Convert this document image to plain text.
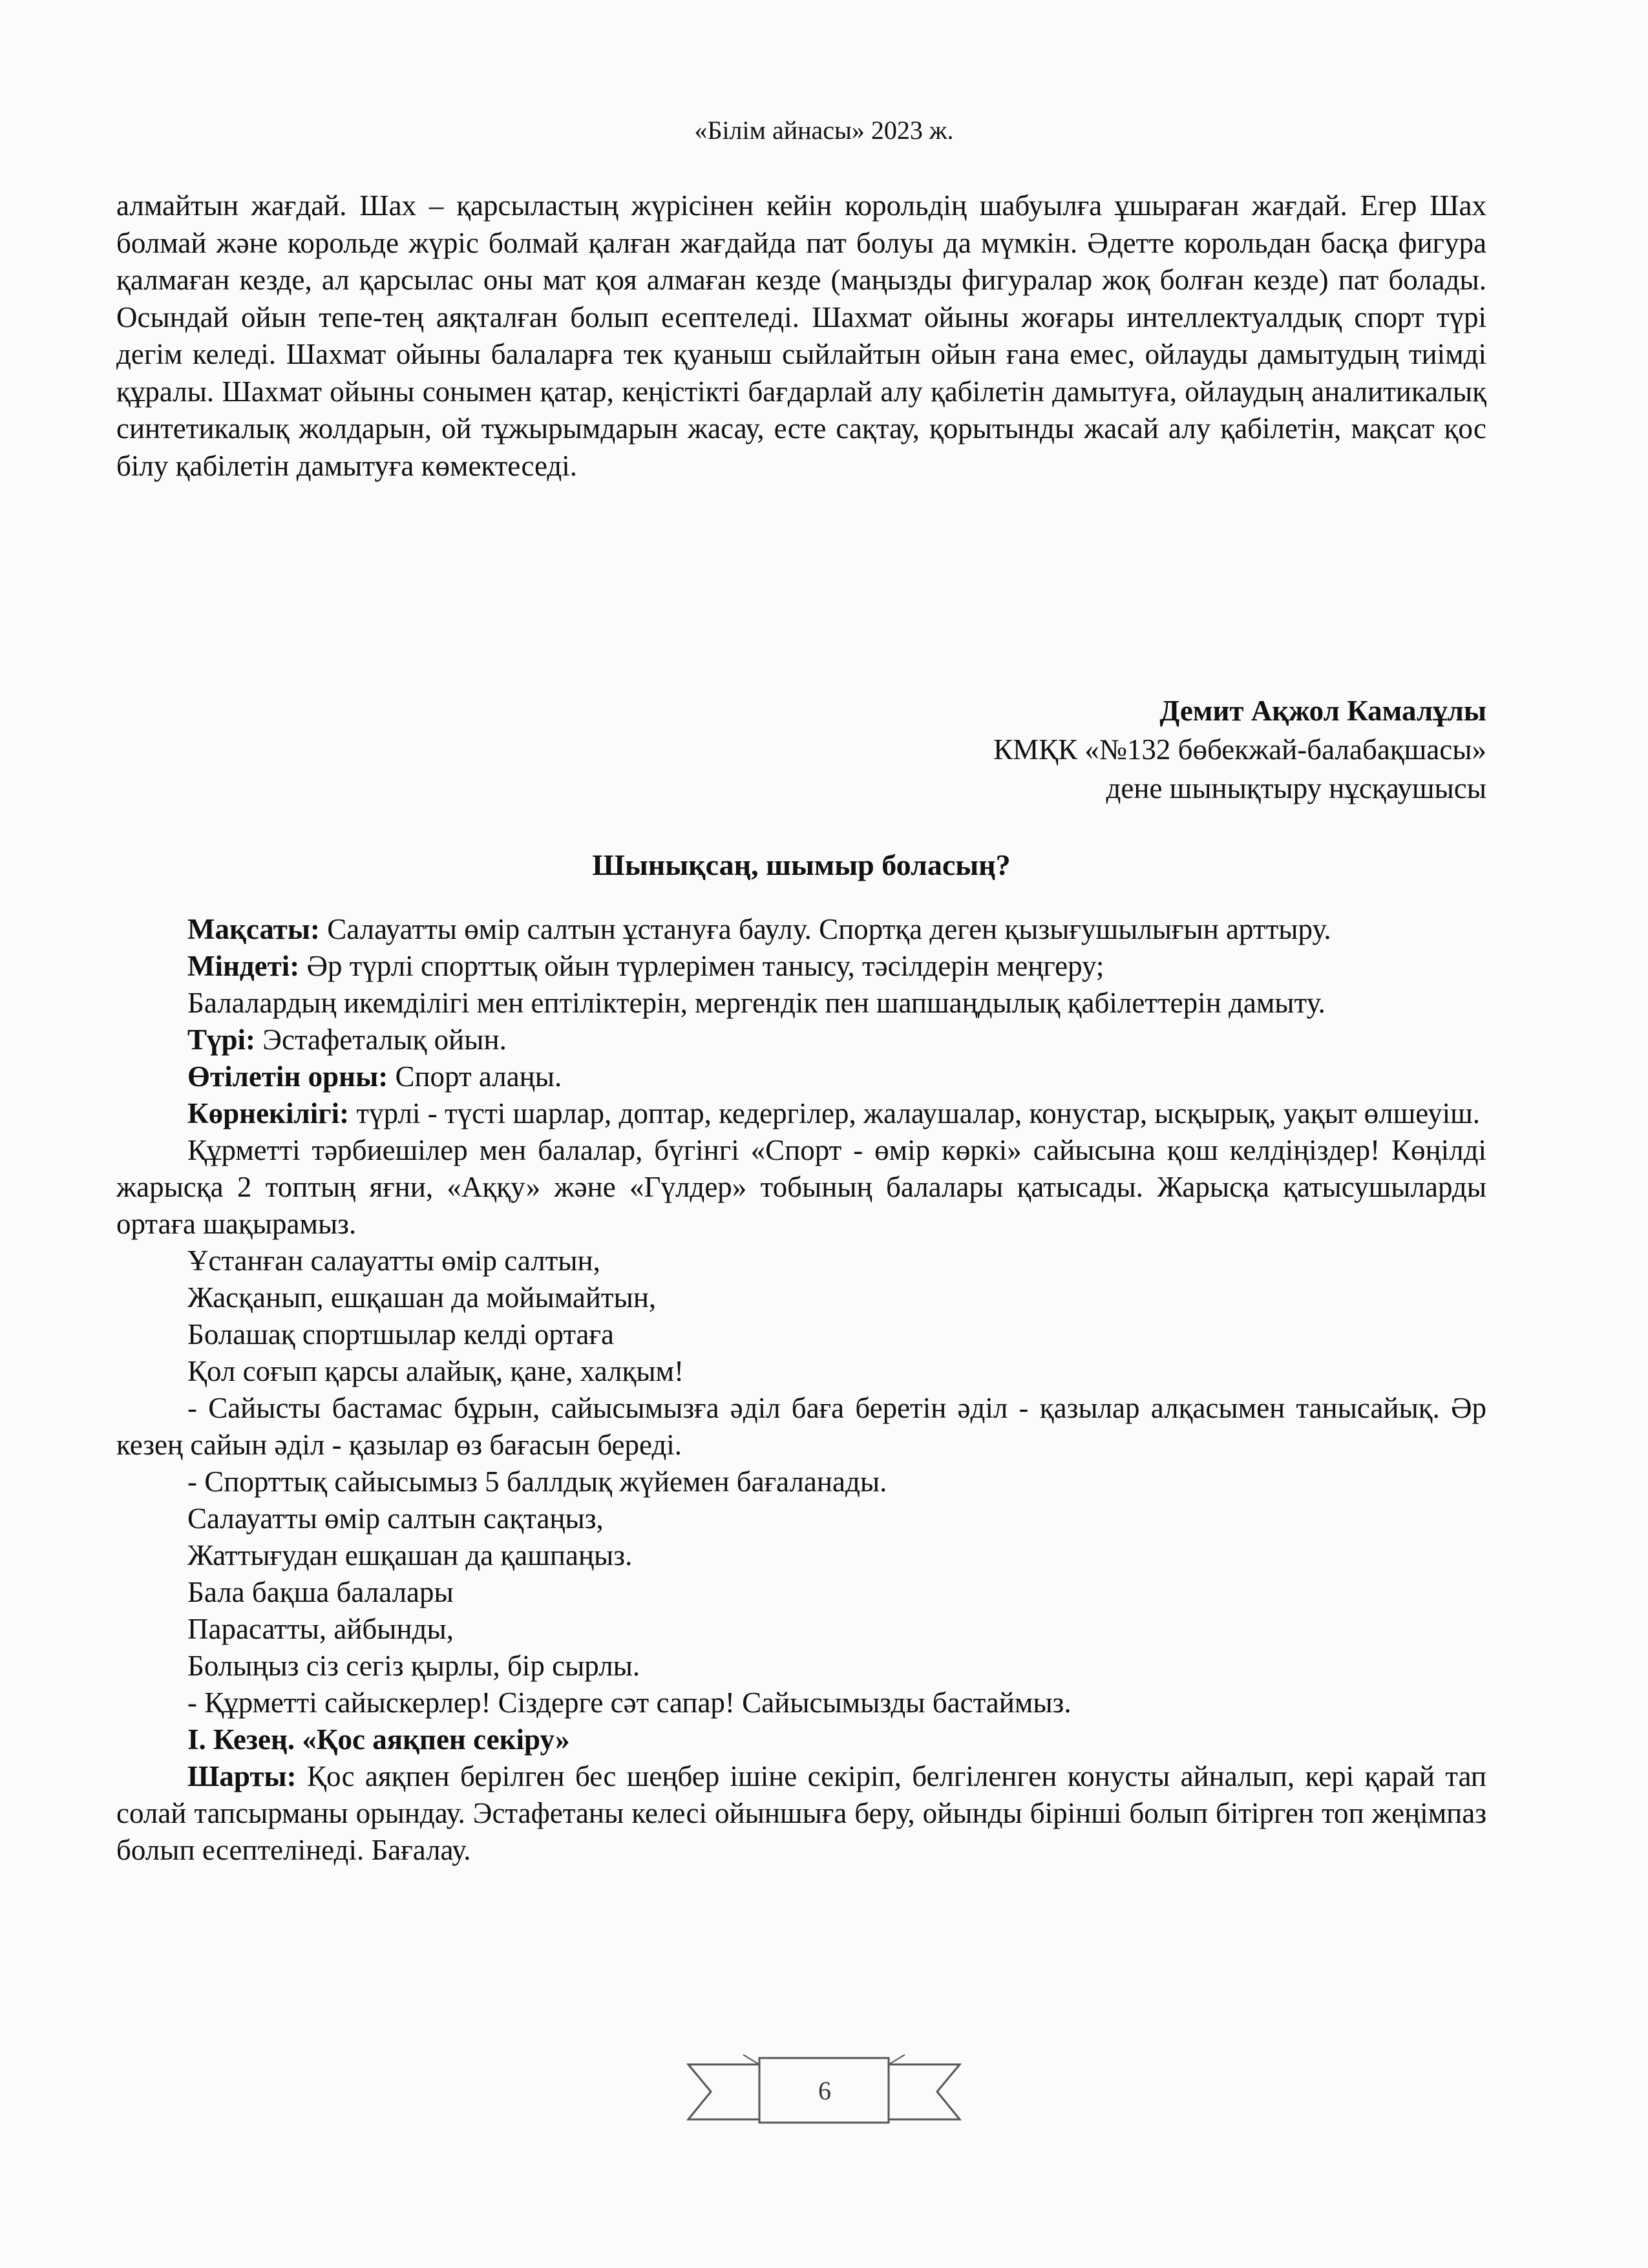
«Білім айнасы» 2023 ж.

алмайтын жағдай. Шах – қарсыластың жүрісінен кейін корольдің шабуылға ұшыраған жағдай. Егер Шах болмай және корольде жүріс болмай қалған жағдайда пат болуы да мүмкін. Әдетте корольдан басқа фигура қалмаған кезде, ал қарсылас оны мат қоя алмаған кезде (маңызды фигуралар жоқ болған кезде) пат болады. Осындай ойын тепе-тең аяқталған болып есептеледі. Шахмат ойыны жоғары интеллектуалдық спорт түрі дегім келеді. Шахмат ойыны балаларға тек қуаныш сыйлайтын ойын ғана емес, ойлауды дамытудың тиімді құралы. Шахмат ойыны сонымен қатар, кеңістікті бағдарлай алу қабілетін дамытуға, ойлаудың аналитикалық синтетикалық жолдарын, ой тұжырымдарын жасау, есте сақтау, қорытынды жасай алу қабілетін, мақсат қос білу қабілетін дамытуға көмектеседі.

Демит Ақжол Камалұлы
КМҚК «№132 бөбекжай-балабақшасы»
дене шынықтыру нұсқаушысы
Шынықсаң, шымыр боласың?

Мақсаты: Салауатты өмір салтын ұстануға баулу. Спортқа деген қызығушылығын арттыру.

Міндеті: Әр түрлі спорттық ойын түрлерімен танысу, тәсілдерін меңгеру;

Балалардың икемділігі мен ептіліктерін, мергендік пен шапшаңдылық қабілеттерін дамыту.

Түрі: Эстафеталық ойын.

Өтілетін орны: Спорт алаңы.

Көрнекілігі: түрлі - түсті шарлар, доптар, кедергілер, жалаушалар, конустар, ысқырық, уақыт өлшеуіш.

Құрметті тәрбиешілер мен балалар, бүгінгі «Спорт - өмір көркі» сайысына қош келдіңіздер! Көңілді жарысқа 2 топтың яғни, «Аққу» және «Гүлдер» тобының балалары қатысады. Жарысқа қатысушыларды ортаға шақырамыз.

Ұстанған салауатты өмір салтын,

Жасқанып, ешқашан да мойымайтын,

Болашақ спортшылар келді ортаға

Қол соғып қарсы алайық, қане, халқым!

- Сайысты бастамас бұрын, сайысымызға әділ баға беретін әділ - қазылар алқасымен танысайық. Әр кезең сайын әділ - қазылар өз бағасын береді.

- Спорттық сайысымыз 5 баллдық жүйемен бағаланады.

Салауатты өмір салтын сақтаңыз,

Жаттығудан ешқашан да қашпаңыз.

Бала бақша балалары

Парасатты, айбынды,

Болыңыз сіз сегіз қырлы, бір сырлы.

- Құрметті сайыскерлер! Сіздерге сәт сапар! Сайысымызды бастаймыз.

І. Кезең. «Қос аяқпен секіру»

Шарты: Қос аяқпен берілген бес шеңбер ішіне секіріп, белгіленген конусты айналып, кері қарай тап солай тапсырманы орындау. Эстафетаны келесі ойыншыға беру, ойынды бірінші болып бітірген топ жеңімпаз болып есептелінеді. Бағалау.

6
